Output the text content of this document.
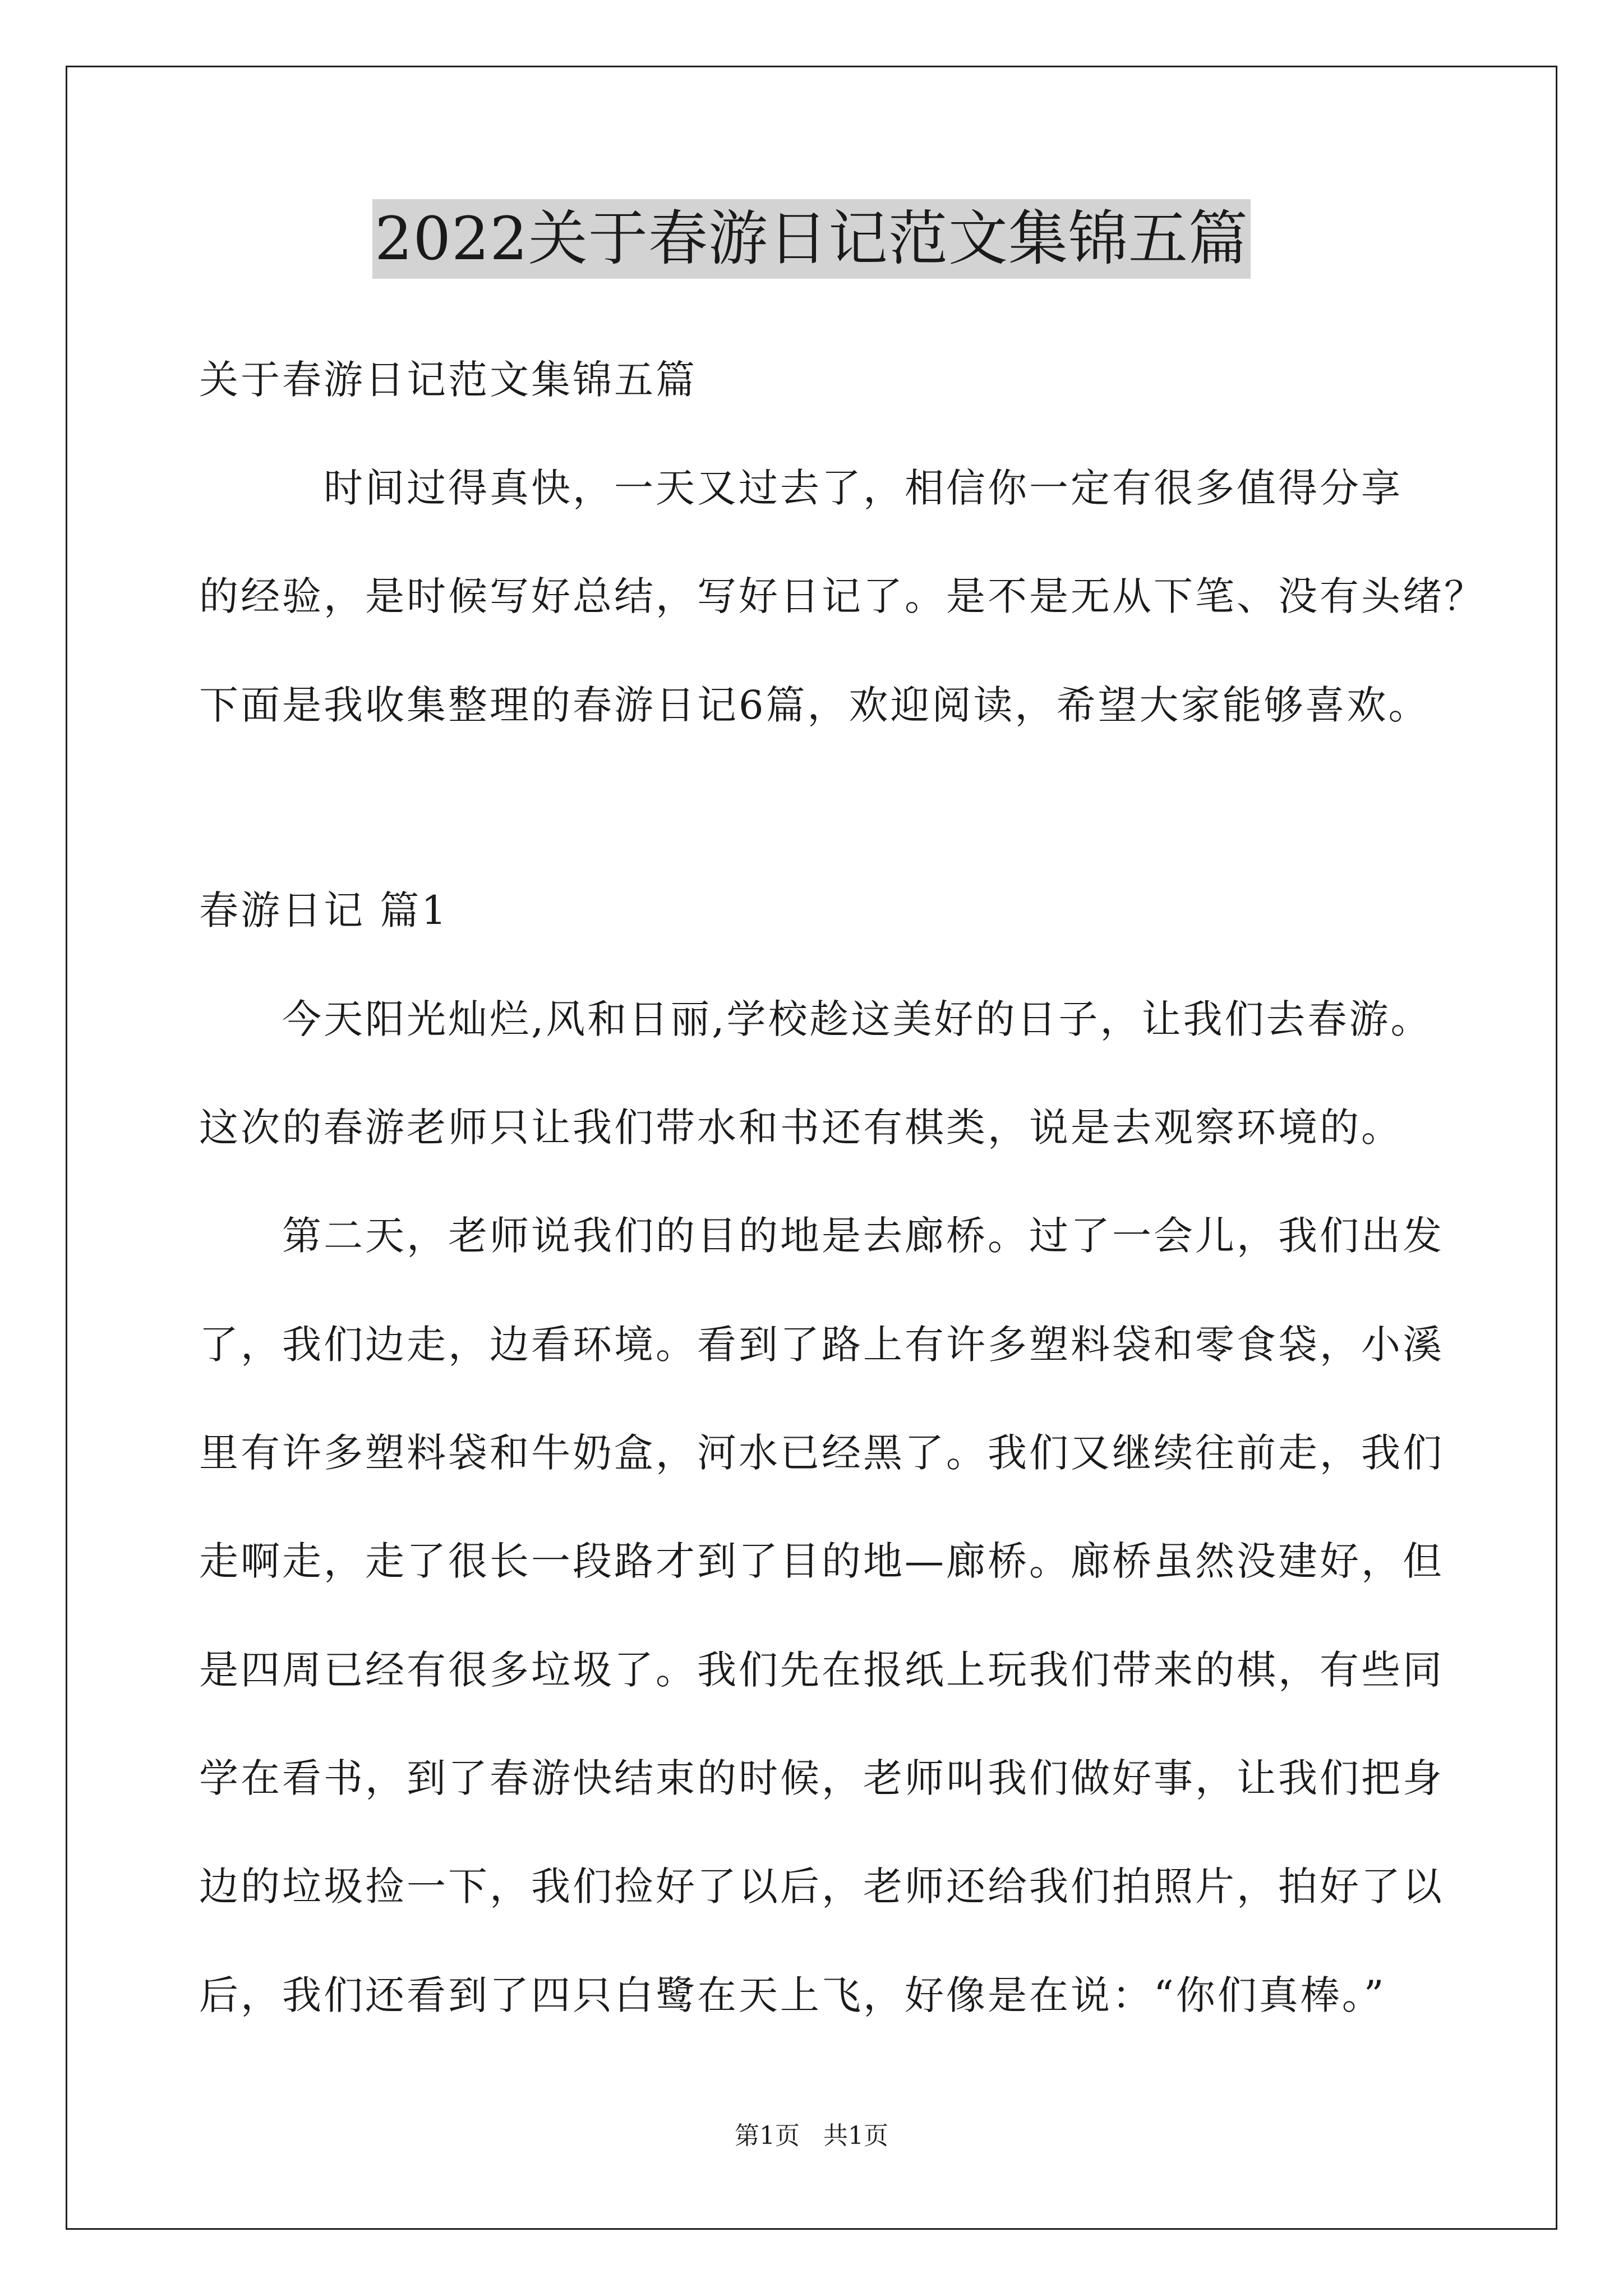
2022关于春游日记范文集锦五篇
关于春游日记范文集锦五篇
　　　时间过得真快，一天又过去了，相信你一定有很多值得分享
的经验，是时候写好总结，写好日记了。是不是无从下笔、没有头绪？
下面是我收集整理的春游日记6篇，欢迎阅读，希望大家能够喜欢。
春游日记 篇1
　　今天阳光灿烂,风和日丽,学校趁这美好的日子，让我们去春游。
这次的春游老师只让我们带水和书还有棋类，说是去观察环境的。
　　第二天，老师说我们的目的地是去廊桥。过了一会儿，我们出发
了，我们边走，边看环境。看到了路上有许多塑料袋和零食袋，小溪
里有许多塑料袋和牛奶盒，河水已经黑了。我们又继续往前走，我们
走啊走，走了很长一段路才到了目的地—廊桥。廊桥虽然没建好，但
是四周已经有很多垃圾了。我们先在报纸上玩我们带来的棋，有些同
学在看书，到了春游快结束的时候，老师叫我们做好事，让我们把身
边的垃圾捡一下，我们捡好了以后，老师还给我们拍照片，拍好了以
后，我们还看到了四只白鹭在天上飞，好像是在说：“你们真棒。”
第1页   共1页
